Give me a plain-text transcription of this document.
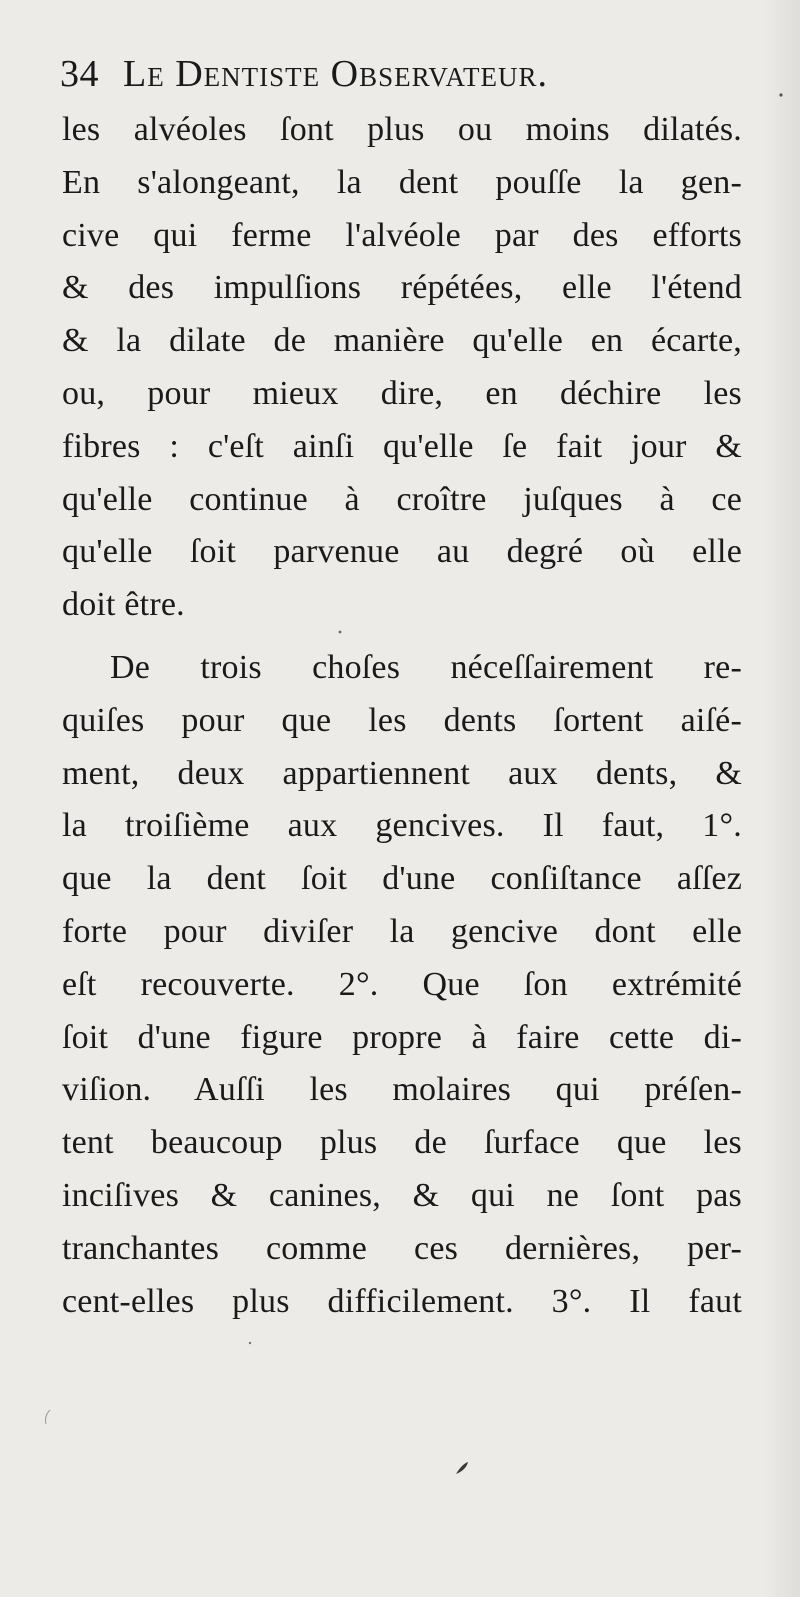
34 Le Dentiste Observateur.
les alvéoles ſont plus ou moins dilatés.
En s'alongeant, la dent pouſſe la gen-
cive qui ferme l'alvéole par des efforts
& des impulſions répétées, elle l'étend
& la dilate de manière qu'elle en écarte,
ou, pour mieux dire, en déchire les
fibres : c'eſt ainſi qu'elle ſe fait jour &
qu'elle continue à croître juſques à ce
qu'elle ſoit parvenue au degré où elle
doit être.
De trois choſes néceſſairement re-
quiſes pour que les dents ſortent aiſé-
ment, deux appartiennent aux dents, &
la troiſième aux gencives. Il faut, 1°.
que la dent ſoit d'une conſiſtance aſſez
forte pour diviſer la gencive dont elle
eſt recouverte. 2°. Que ſon extrémité
ſoit d'une figure propre à faire cette di-
viſion. Auſſi les molaires qui préſen-
tent beaucoup plus de ſurface que les
inciſives & canines, & qui ne ſont pas
tranchantes comme ces dernières, per-
cent-elles plus difficilement. 3°. Il faut
